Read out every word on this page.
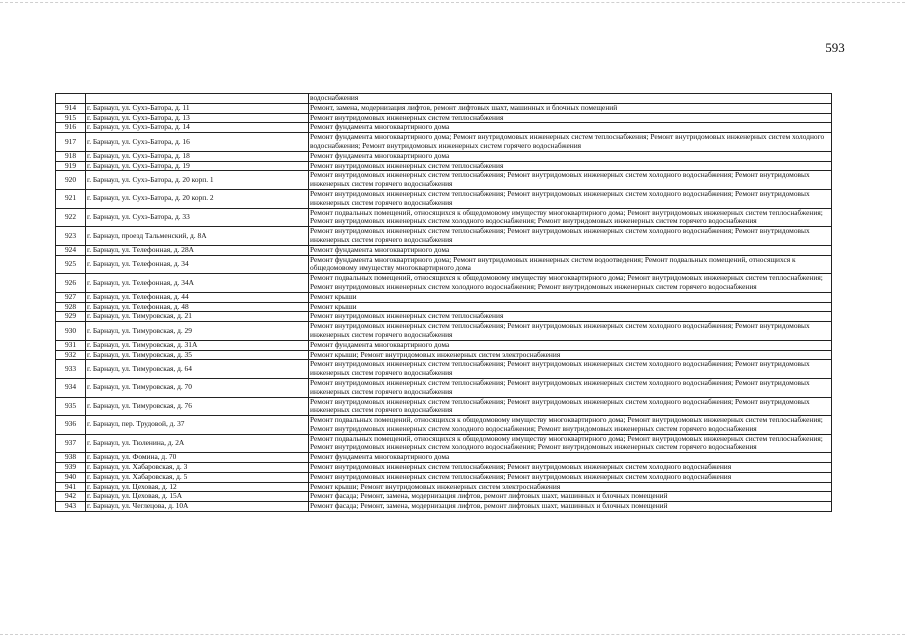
593
		водоснабжения
914	г. Барнаул, ул. Сухэ-Батора, д. 11	Ремонт, замена, модернизация лифтов, ремонт лифтовых шахт, машинных и блочных помещений
915	г. Барнаул, ул. Сухэ-Батора, д. 13	Ремонт внутридомовых инженерных систем теплоснабжения
916	г. Барнаул, ул. Сухэ-Батора, д. 14	Ремонт фундамента многоквартирного дома
917	г. Барнаул, ул. Сухэ-Батора, д. 16	Ремонт фундамента многоквартирного дома; Ремонт внутридомовых инженерных систем теплоснабжения; Ремонт внутридомовых инженерных систем холодного водоснабжения; Ремонт внутридомовых инженерных систем горячего водоснабжения
918	г. Барнаул, ул. Сухэ-Батора, д. 18	Ремонт фундамента многоквартирного дома
919	г. Барнаул, ул. Сухэ-Батора, д. 19	Ремонт внутридомовых инженерных систем теплоснабжения
920	г. Барнаул, ул. Сухэ-Батора, д. 20 корп. 1	Ремонт внутридомовых инженерных систем теплоснабжения; Ремонт внутридомовых инженерных систем холодного водоснабжения; Ремонт внутридомовых инженерных систем горячего водоснабжения
921	г. Барнаул, ул. Сухэ-Батора, д. 20 корп. 2	Ремонт внутридомовых инженерных систем теплоснабжения; Ремонт внутридомовых инженерных систем холодного водоснабжения; Ремонт внутридомовых инженерных систем горячего водоснабжения
922	г. Барнаул, ул. Сухэ-Батора, д. 33	Ремонт подвальных помещений, относящихся к общедомовому имуществу многоквартирного дома; Ремонт внутридомовых инженерных систем теплоснабжения; Ремонт внутридомовых инженерных систем холодного водоснабжения; Ремонт внутридомовых инженерных систем горячего водоснабжения
923	г. Барнаул, проезд Тальменский, д. 8А	Ремонт внутридомовых инженерных систем теплоснабжения; Ремонт внутридомовых инженерных систем холодного водоснабжения; Ремонт внутридомовых инженерных систем горячего водоснабжения
924	г. Барнаул, ул. Телефонная, д. 28А	Ремонт фундамента многоквартирного дома
925	г. Барнаул, ул. Телефонная, д. 34	Ремонт фундамента многоквартирного дома; Ремонт внутридомовых инженерных систем водоотведения; Ремонт подвальных помещений, относящихся к общедомовому имуществу многоквартирного дома
926	г. Барнаул, ул. Телефонная, д. 34А	Ремонт подвальных помещений, относящихся к общедомовому имуществу многоквартирного дома; Ремонт внутридомовых инженерных систем теплоснабжения; Ремонт внутридомовых инженерных систем холодного водоснабжения; Ремонт внутридомовых инженерных систем горячего водоснабжения
927	г. Барнаул, ул. Телефонная, д. 44	Ремонт крыши
928	г. Барнаул, ул. Телефонная, д. 48	Ремонт крыши
929	г. Барнаул, ул. Тимуровская, д. 21	Ремонт внутридомовых инженерных систем теплоснабжения
930	г. Барнаул, ул. Тимуровская, д. 29	Ремонт внутридомовых инженерных систем теплоснабжения; Ремонт внутридомовых инженерных систем холодного водоснабжения; Ремонт внутридомовых инженерных систем горячего водоснабжения
931	г. Барнаул, ул. Тимуровская, д. 31А	Ремонт фундамента многоквартирного дома
932	г. Барнаул, ул. Тимуровская, д. 35	Ремонт крыши; Ремонт внутридомовых инженерных систем электроснабжения
933	г. Барнаул, ул. Тимуровская, д. 64	Ремонт внутридомовых инженерных систем теплоснабжения; Ремонт внутридомовых инженерных систем холодного водоснабжения; Ремонт внутридомовых инженерных систем горячего водоснабжения
934	г. Барнаул, ул. Тимуровская, д. 70	Ремонт внутридомовых инженерных систем теплоснабжения; Ремонт внутридомовых инженерных систем холодного водоснабжения; Ремонт внутридомовых инженерных систем горячего водоснабжения
935	г. Барнаул, ул. Тимуровская, д. 76	Ремонт внутридомовых инженерных систем теплоснабжения; Ремонт внутридомовых инженерных систем холодного водоснабжения; Ремонт внутридомовых инженерных систем горячего водоснабжения
936	г. Барнаул, пер. Трудовой, д. 37	Ремонт подвальных помещений, относящихся к общедомовому имуществу многоквартирного дома; Ремонт внутридомовых инженерных систем теплоснабжения; Ремонт внутридомовых инженерных систем холодного водоснабжения; Ремонт внутридомовых инженерных систем горячего водоснабжения
937	г. Барнаул, ул. Тюленина, д. 2А	Ремонт подвальных помещений, относящихся к общедомовому имуществу многоквартирного дома; Ремонт внутридомовых инженерных систем теплоснабжения; Ремонт внутридомовых инженерных систем холодного водоснабжения; Ремонт внутридомовых инженерных систем горячего водоснабжения
938	г. Барнаул, ул. Фомина, д. 70	Ремонт фундамента многоквартирного дома
939	г. Барнаул, ул. Хабаровская, д. 3	Ремонт внутридомовых инженерных систем теплоснабжения; Ремонт внутридомовых инженерных систем холодного водоснабжения
940	г. Барнаул, ул. Хабаровская, д. 5	Ремонт внутридомовых инженерных систем теплоснабжения; Ремонт внутридомовых инженерных систем холодного водоснабжения
941	г. Барнаул, ул. Цеховая, д. 12	Ремонт крыши; Ремонт внутридомовых инженерных систем электроснабжения
942	г. Барнаул, ул. Цеховая, д. 15А	Ремонт фасада; Ремонт, замена, модернизация лифтов, ремонт лифтовых шахт, машинных и блочных помещений
943	г. Барнаул, ул. Чеглецова, д. 10А	Ремонт фасада; Ремонт, замена, модернизация лифтов, ремонт лифтовых шахт, машинных и блочных помещений
